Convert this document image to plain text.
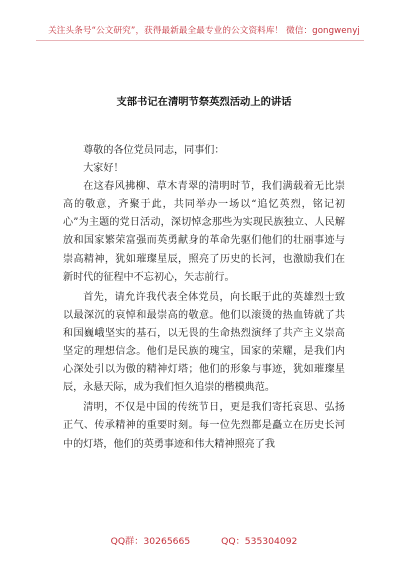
关注头条号“公文研究”，获得最新最全最专业的公文资料库！ 微信：gongwenyj
支部书记在清明节祭英烈活动上的讲话

尊敬的各位党员同志，同事们：

大家好！

在这春风拂柳、草木青翠的清明时节，我们满载着无比崇高的敬意，齐聚于此，共同举办一场以“追忆英烈，铭记初心”为主题的党日活动，深切悼念那些为实现民族独立、人民解放和国家繁荣富强而英勇献身的革命先驱们他们的壮丽事迹与崇高精神，犹如璀璨星辰，照亮了历史的长河，也激励我们在新时代的征程中不忘初心，矢志前行。

首先，请允许我代表全体党员，向长眠于此的英雄烈士致以最深沉的哀悼和最崇高的敬意。他们以滚烫的热血铸就了共和国巍峨坚实的基石，以无畏的生命热烈演绎了共产主义崇高坚定的理想信念。他们是民族的瑰宝，国家的荣耀，是我们内心深处引以为傲的精神灯塔；他们的形象与事迹，犹如璀璨星辰，永悬天际，成为我们恒久追崇的楷模典范。

清明，不仅是中国的传统节日，更是我们寄托哀思、弘扬正气、传承精神的重要时刻。每一位先烈都是矗立在历史长河中的灯塔，他们的英勇事迹和伟大精神照亮了我

QQ群：30265665	QQ：535304092
